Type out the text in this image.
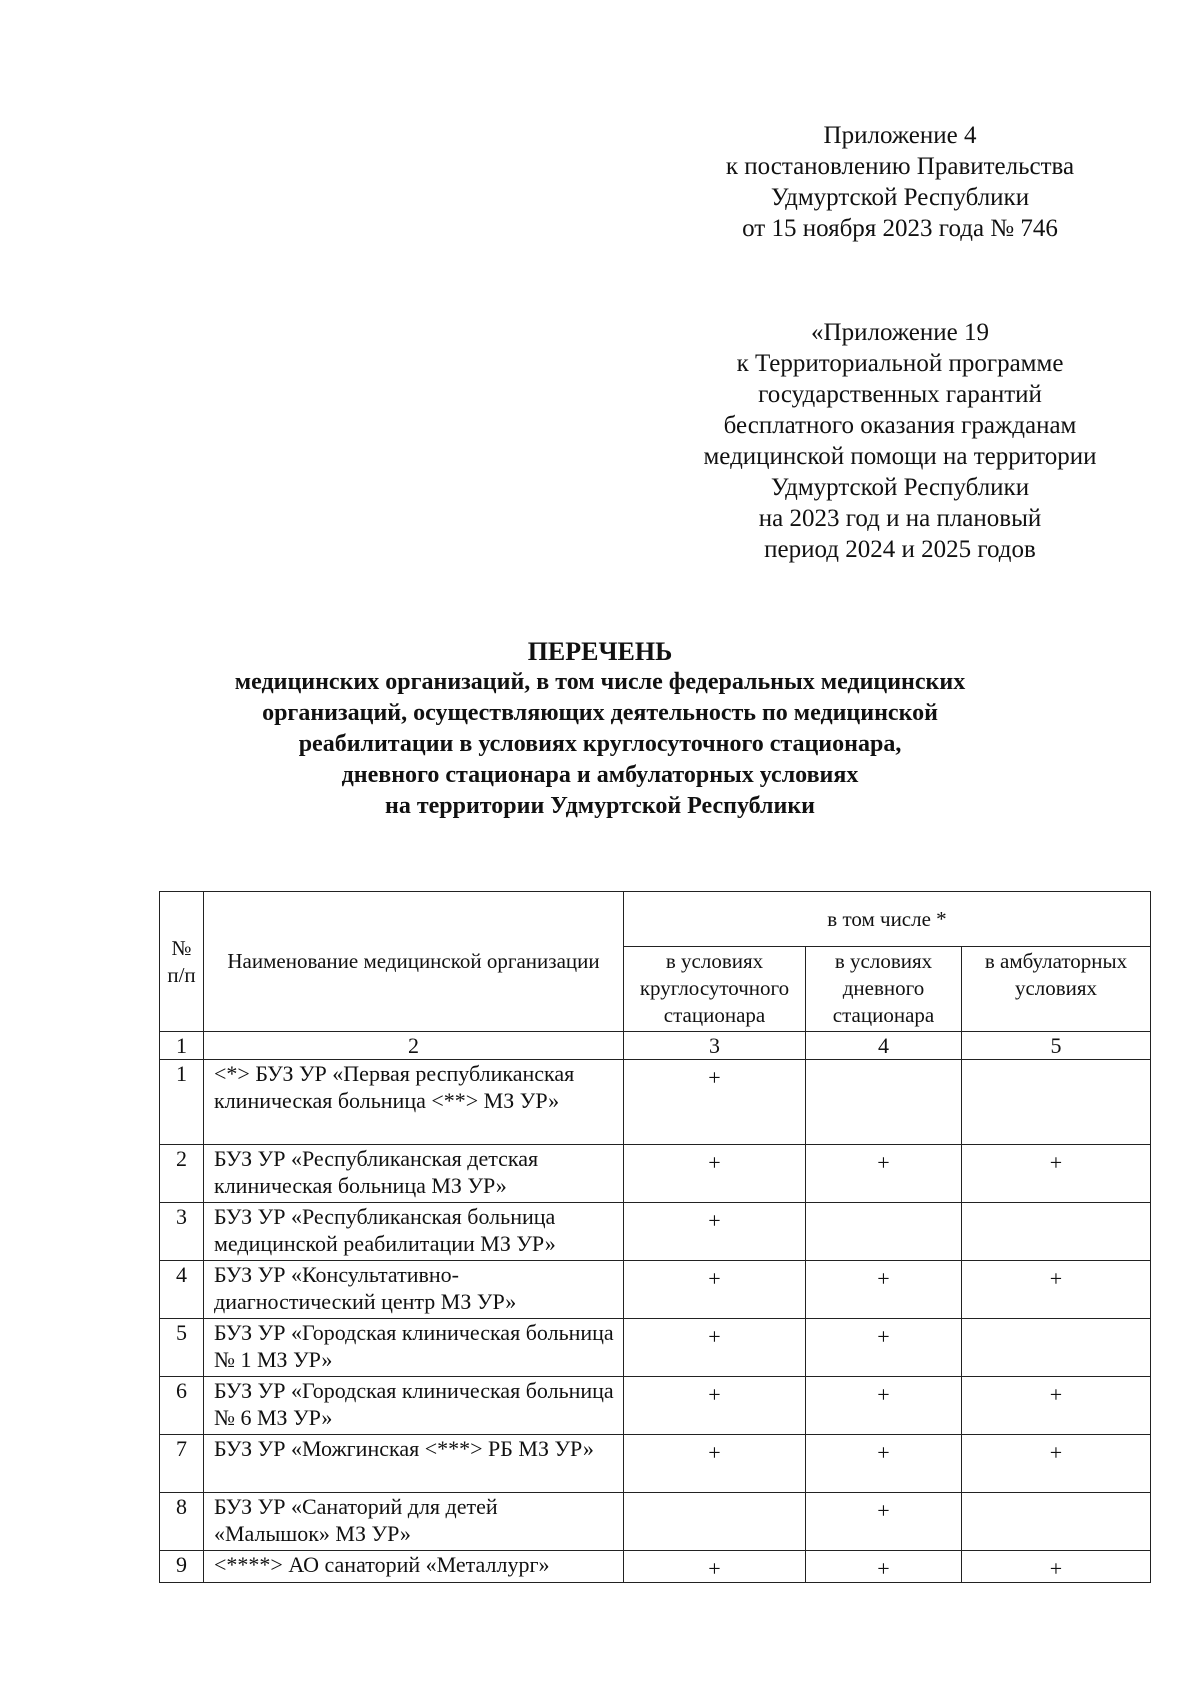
Приложение 4
к постановлению Правительства
Удмуртской Республики
от 15 ноября 2023 года № 746
«Приложение 19
к Территориальной программе
государственных гарантий
бесплатного оказания гражданам
медицинской помощи на территории
Удмуртской Республики
на 2023 год и на плановый
период 2024 и 2025 годов
ПЕРЕЧЕНЬ
медицинских организаций, в том числе федеральных медицинских
организаций, осуществляющих деятельность по медицинской
реабилитации в условиях круглосуточного стационара,
дневного стационара и амбулаторных условиях
на территории Удмуртской Республики
№ п/п	Наименование медицинской организации	в том числе *		
		в условиях круглосуточного стационара	в условиях дневного стационара	в амбулаторных условиях
1	2	3	4	5
1	<*> БУЗ УР «Первая республиканская клиническая больница <**> МЗ УР»	+		
2	БУЗ УР «Республиканская детская клиническая больница МЗ УР»	+	+	+
3	БУЗ УР «Республиканская больница медицинской реабилитации МЗ УР»	+		
4	БУЗ УР «Консультативно-диагностический центр МЗ УР»	+	+	+
5	БУЗ УР «Городская клиническая больница № 1 МЗ УР»	+	+	
6	БУЗ УР «Городская клиническая больница № 6 МЗ УР»	+	+	+
7	БУЗ УР «Можгинская <***> РБ МЗ УР»	+	+	+
8	БУЗ УР «Санаторий для детей «Малышок» МЗ УР»		+	
9	<****> АО санаторий «Металлург»	+	+	+
